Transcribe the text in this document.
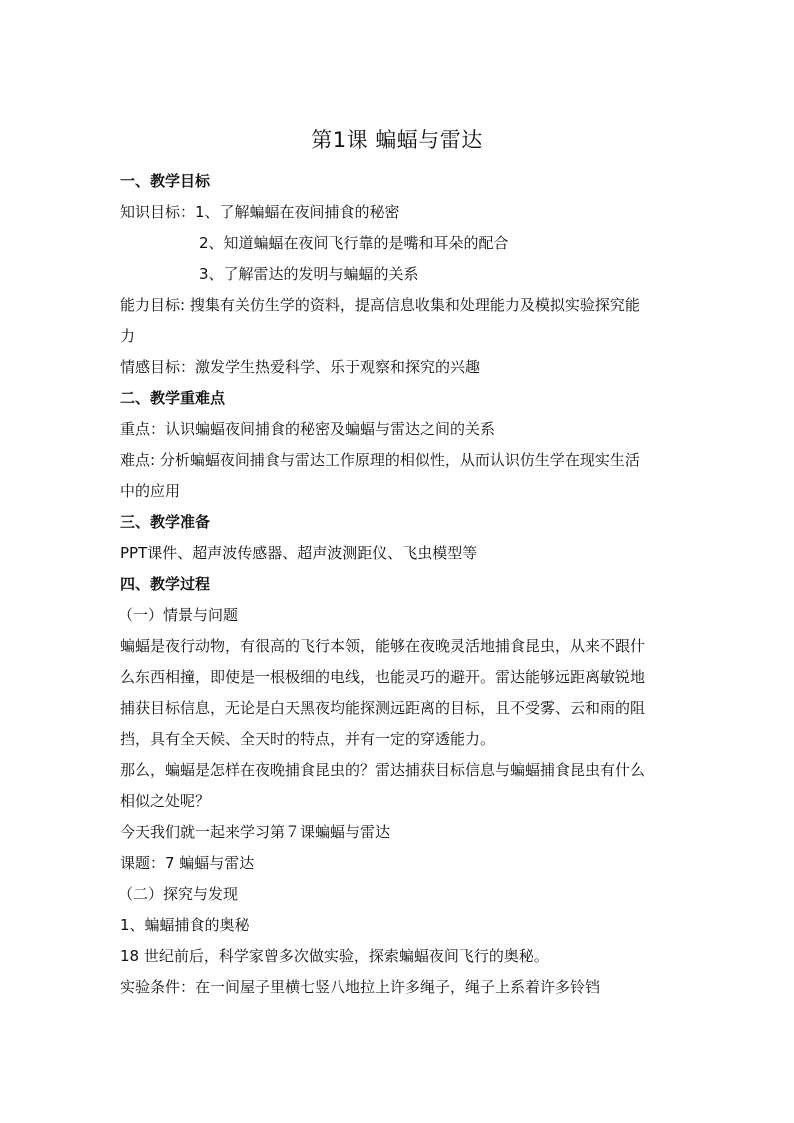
第1课 蝙蝠与雷达
一、教学目标
知识目标：1、了解蝙蝠在夜间捕食的秘密
2、知道蝙蝠在夜间飞行靠的是嘴和耳朵的配合
3、了解雷达的发明与蝙蝠的关系
能力目标: 搜集有关仿生学的资料，提高信息收集和处理能力及模拟实验探究能
力
情感目标：激发学生热爱科学、乐于观察和探究的兴趣
二、教学重难点
重点：认识蝙蝠夜间捕食的秘密及蝙蝠与雷达之间的关系
难点: 分析蝙蝠夜间捕食与雷达工作原理的相似性，从而认识仿生学在现实生活
中的应用
三、教学准备
PPT课件、超声波传感器、超声波测距仪、飞虫模型等
四、教学过程
（一）情景与问题
蝙蝠是夜行动物，有很高的飞行本领，能够在夜晚灵活地捕食昆虫，从来不跟什
么东西相撞，即使是一根极细的电线，也能灵巧的避开。雷达能够远距离敏锐地
捕获目标信息，无论是白天黑夜均能探测远距离的目标，且不受雾、云和雨的阻
挡，具有全天候、全天时的特点，并有一定的穿透能力。
那么，蝙蝠是怎样在夜晚捕食昆虫的？雷达捕获目标信息与蝙蝠捕食昆虫有什么
相似之处呢？
今天我们就一起来学习第７课蝙蝠与雷达
课题：7 蝙蝠与雷达
（二）探究与发现
1、蝙蝠捕食的奥秘
18 世纪前后，科学家曾多次做实验，探索蝙蝠夜间飞行的奥秘。
实验条件：在一间屋子里横七竖八地拉上许多绳子，绳子上系着许多铃铛
